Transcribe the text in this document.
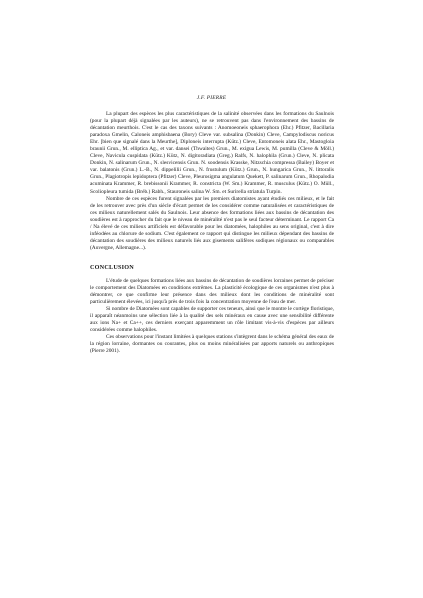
J.F. PIERRE

La plupart des espèces les plus caractéristiques de la salinité observées dans les formations du Saulnois (pour la plupart déjà signalées par les auteurs), ne se retrouvent pas dans l'environnement des bassins de décantation meurthois. C'est le cas des taxons suivants : Anomoeoneis sphaerophora (Ehr.) Pfitzer, Bacillaria paradoxa Gmelin, Caloneis amphisbaena (Bory) Cleve var. subsalina (Donkin) Cleve, Campylodiscus noricus Ehr. [bien que signalé dans la Meurthe], Diploneis interrupta (Kütz.) Cleve, Entomoneis alata Ehr., Mastogloia braunii Grun., M. elliptica Ag., et var. dansei (Thwaites) Grun., M. exigua Lewis, M. pumilla (Cleve & Möll.) Cleve, Navicula cuspidata (Kütz.) Kütz, N. digitoradiata (Greg.) Ralfs, N. halophila (Grun.) Cleve, N. plicata Donkin, N. salinarum Grun., N. slesvicensis Grun. N. soodensis Krasske, Nitzschia compressa (Bailey) Boyer et var. balatonis (Grun.) L.-B., N. dippelilii Grun., N. frustulum (Kütz.) Grun., N. hungarica Grun., N. littoralis Grun., Plagiotropis lepidoptera (Pfitzer) Cleve, Pleurosigma angulatum Quekett, P. salinarum Grun., Rhopalodia acuminata Krammer, R. brebissonii Krammer, R. constricta (W. Sm.) Krammer, R. musculus (Kütz.) O. Müll., Scoliopleura tumida (Bréb.) Rabh., Stauroneis salina W. Sm. et Surirella striatula Turpin.

Nombre de ces espèces furent signalées par les premiers diatomistes ayant étudiés ces milieux, et le fait de les retrouver avec près d'un siècle d'écart permet de les considérer comme naturalisées et caractéristiques de ces milieux naturellement salés du Saulnois. Leur absence des formations liées aux bassins de décantation des soudières est à rapprocher du fait que le niveau de minéralité n'est pas le seul facteur déterminant. Le rapport Ca / Na élevé de ces milieux artificiels est défavorable pour les diatomées, halophiles au sens original, c'est à dire inféodées au chlorure de sodium. C'est également ce rapport qui distingue les milieux dépendant des bassins de décantation des soudières des milieux naturels liés aux gisements salifères sodiques régionaux ou comparables (Auvergne, Allemagne...).

CONCLUSION

L'étude de quelques formations liées aux bassins de décantation de soudières lorraines permet de préciser le comportement des Diatomées en conditions extrêmes. La plasticité écologique de ces organismes n'est plus à démontrer, ce que confirme leur présence dans des milieux dont les conditions de minéralité sont particulièrement élevées, ici jusqu'à près de trois fois la concentration moyenne de l'eau de mer.

Si nombre de Diatomées sont capables de supporter ces teneurs, ainsi que le montre le cortège floristique, il apparaît néanmoins une sélection liée à la qualité des sels minéraux en cause avec une sensibilité différente aux ions Na+ et Ca++, ces derniers exerçant apparemment un rôle limitant vis-à-vis d'espèces par ailleurs considérées comme halophiles.

Ces observations pour l'instant limitées à quelques stations s'intègrent dans le schéma général des eaux de la région lorraine, dormantes ou courantes, plus ou moins minéralisées par apports naturels ou anthropiques (Pierre 2001).
